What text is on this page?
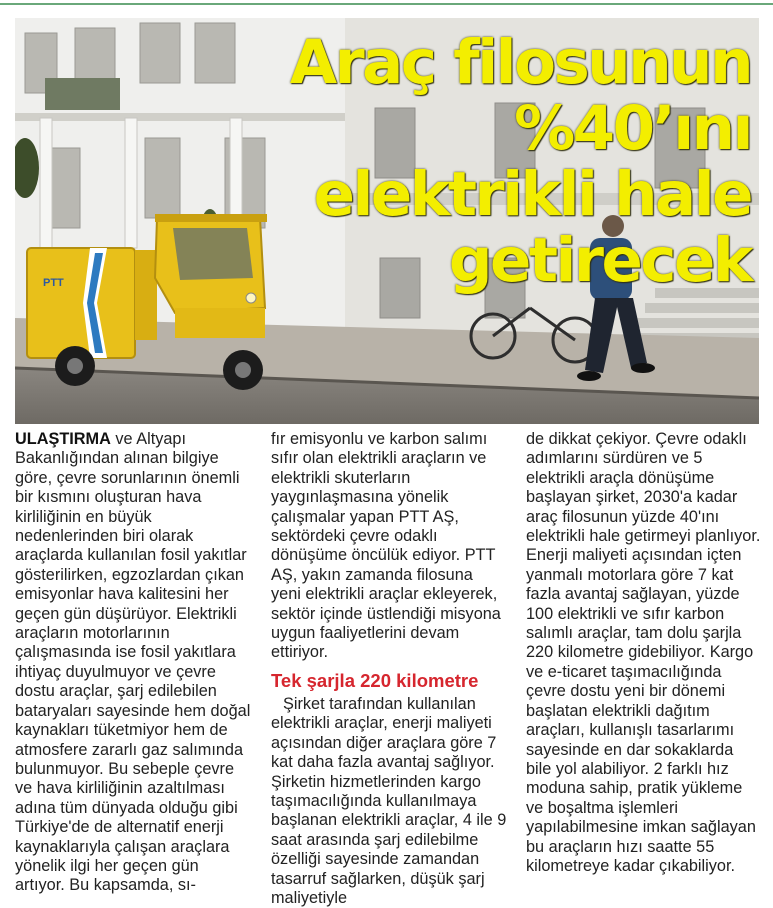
PTT
Araç filosunun
%40’ını
elektrikli hale
getirecek

ULAŞTIRMA ve Altyapı Bakanlığından alınan bilgiye göre, çevre sorunlarının önemli bir kısmını oluşturan hava kirliliğinin en büyük nedenlerinden biri olarak araçlarda kullanılan fosil yakıtlar gösterilirken, egzozlardan çıkan emisyonlar hava kalitesini her geçen gün düşürüyor. Elektrikli araçların motorlarının çalışmasında ise fosil yakıtlara ihtiyaç duyulmuyor ve çevre dostu araçlar, şarj edilebilen bataryaları sayesinde hem doğal kaynakları tüketmiyor hem de atmosfere zararlı gaz salımında bulunmuyor. Bu sebeple çevre ve hava kirliliğinin azaltılması adına tüm dünyada olduğu gibi Türkiye'de de alternatif enerji kaynaklarıyla çalışan araçlara yönelik ilgi her geçen gün artıyor. Bu kapsamda, sı-

fır emisyonlu ve karbon salımı sıfır olan elektrikli araçların ve elektrikli skuterların yaygınlaşmasına yönelik çalışmalar yapan PTT AŞ, sektördeki çevre odaklı dönüşüme öncülük ediyor. PTT AŞ, yakın zamanda filosuna yeni elektrikli araçlar ekleyerek, sektör içinde üstlendiği misyona uygun faaliyetlerini devam ettiriyor.

Tek şarjla 220 kilometre

Şirket tarafından kullanılan elektrikli araçlar, enerji maliyeti açısından diğer araçlara göre 7 kat daha fazla avantaj sağlıyor. Şirketin hizmetlerinden kargo taşımacılığında kullanılmaya başlanan elektrikli araçlar, 4 ile 9 saat arasında şarj edilebilme özelliği sayesinde zamandan tasarruf sağlarken, düşük şarj maliyetiyle

de dikkat çekiyor. Çevre odaklı adımlarını sürdüren ve 5 elektrikli araçla dönüşüme başlayan şirket, 2030'a kadar araç filosunun yüzde 40'ını elektrikli hale getirmeyi planlıyor. Enerji maliyeti açısından içten yanmalı motorlara göre 7 kat fazla avantaj sağlayan, yüzde 100 elektrikli ve sıfır karbon salımlı araçlar, tam dolu şarjla 220 kilometre gidebiliyor. Kargo ve e-ticaret taşımacılığında çevre dostu yeni bir dönemi başlatan elektrikli dağıtım araçları, kullanışlı tasarlarımı sayesinde en dar sokaklarda bile yol alabiliyor. 2 farklı hız moduna sahip, pratik yükleme ve boşaltma işlemleri yapılabilmesine imkan sağlayan bu araçların hızı saatte 55 kilometreye kadar çıkabiliyor.
